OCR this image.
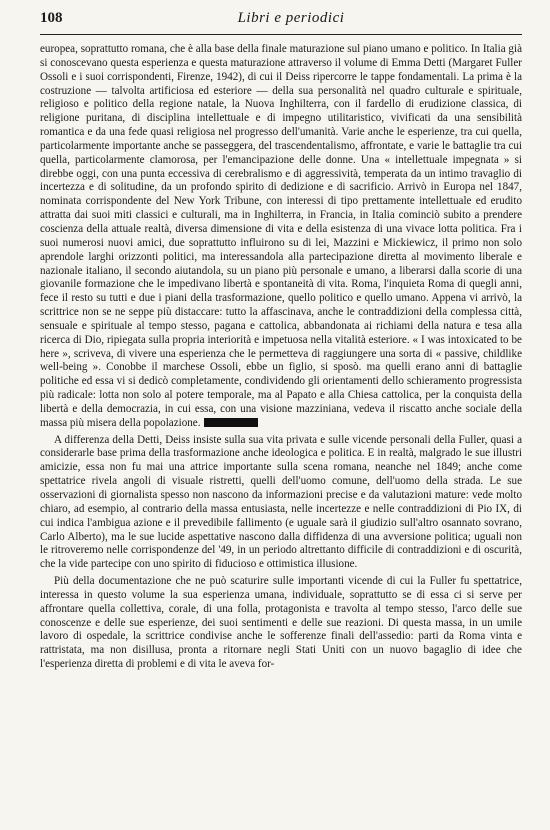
108	Libri e periodici

europea, soprattutto romana, che è alla base della finale maturazione sul piano umano e politico. In Italia già si conoscevano questa esperienza e questa maturazione attraverso il volume di Emma Detti (Margaret Fuller Ossoli e i suoi corrispondenti, Firenze, 1942), di cui il Deiss ripercorre le tappe fondamentali. La prima è la costruzione — talvolta artificiosa ed esteriore — della sua personalità nel quadro culturale e spirituale, religioso e politico della regione natale, la Nuova Inghilterra, con il fardello di erudizione classica, di religione puritana, di disciplina intellettuale e di impegno utilitaristico, vivificati da una sensibilità romantica e da una fede quasi religiosa nel progresso dell'umanità. Varie anche le esperienze, tra cui quella, particolarmente importante anche se passeggera, del trascendentalismo, affrontate, e varie le battaglie tra cui quella, particolarmente clamorosa, per l'emancipazione delle donne. Una « intellettuale impegnata » si direbbe oggi, con una punta eccessiva di cerebralismo e di aggressività, temperata da un intimo travaglio di incertezza e di solitudine, da un profondo spirito di dedizione e di sacrificio. Arrivò in Europa nel 1847, nominata corrispondente del New York Tribune, con interessi di tipo prettamente intellettuale ed erudito attratta dai suoi miti classici e culturali, ma in Inghilterra, in Francia, in Italia cominciò subito a prendere coscienza della attuale realtà, diversa dimensione di vita e della esistenza di una vivace lotta politica. Fra i suoi numerosi nuovi amici, due soprattutto influirono su di lei, Mazzini e Mickiewicz, il primo non solo aprendole larghi orizzonti politici, ma interessandola alla partecipazione diretta al movimento liberale e nazionale italiano, il secondo aiutandola, su un piano più personale e umano, a liberarsi dalla scorie di una giovanile formazione che le impedivano libertà e spontaneità di vita. Roma, l'inquieta Roma di quegli anni, fece il resto su tutti e due i piani della trasformazione, quello politico e quello umano. Appena vi arrivò, la scrittrice non se ne seppe più distaccare: tutto la affascinava, anche le contraddizioni della complessa città, sensuale e spirituale al tempo stesso, pagana e cattolica, abbandonata ai richiami della natura e tesa alla ricerca di Dio, ripiegata sulla propria interiorità e impetuosa nella vitalità esteriore. « I was intoxicated to be here », scriveva, di vivere una esperienza che le permetteva di raggiungere una sorta di « passive, childlike well-being ». Conobbe il marchese Ossoli, ebbe un figlio, si sposò. ma quelli erano anni di battaglie politiche ed essa vi si dedicò completamente, condividendo gli orientamenti dello schieramento progressista più radicale: lotta non solo al potere temporale, ma al Papato e alla Chiesa cattolica, per la conquista della libertà e della democrazia, in cui essa, con una visione mazziniana, vedeva il riscatto anche sociale della massa più misera della popolazione.

A differenza della Detti, Deiss insiste sulla sua vita privata e sulle vicende personali della Fuller, quasi a considerarle base prima della trasformazione anche ideologica e politica. E in realtà, malgrado le sue illustri amicizie, essa non fu mai una attrice importante sulla scena romana, neanche nel 1849; anche come spettatrice rivela angoli di visuale ristretti, quelli dell'uomo comune, dell'uomo della strada. Le sue osservazioni di giornalista spesso non nascono da informazioni precise e da valutazioni mature: vede molto chiaro, ad esempio, al contrario della massa entusiasta, nelle incertezze e nelle contraddizioni di Pio IX, di cui indica l'ambigua azione e il prevedibile fallimento (e uguale sarà il giudizio sull'altro osannato sovrano, Carlo Alberto), ma le sue lucide aspettative nascono dalla diffidenza di una avversione politica; uguali non le ritroveremo nelle corrispondenze del '49, in un periodo altrettanto difficile di contraddizioni e di oscurità, che la vide partecipe con uno spirito di fiducioso e ottimistica illusione.

Più della documentazione che ne può scaturire sulle importanti vicende di cui la Fuller fu spettatrice, interessa in questo volume la sua esperienza umana, individuale, soprattutto se di essa ci si serve per affrontare quella collettiva, corale, di una folla, protagonista e travolta al tempo stesso, l'arco delle sue conoscenze e delle sue esperienze, dei suoi sentimenti e delle sue reazioni. Di questa massa, in un umile lavoro di ospedale, la scrittrice condivise anche le sofferenze finali dell'assedio: parti da Roma vinta e rattristata, ma non disillusa, pronta a ritornare negli Stati Uniti con un nuovo bagaglio di idee che l'esperienza diretta di problemi e di vita le aveva for-
